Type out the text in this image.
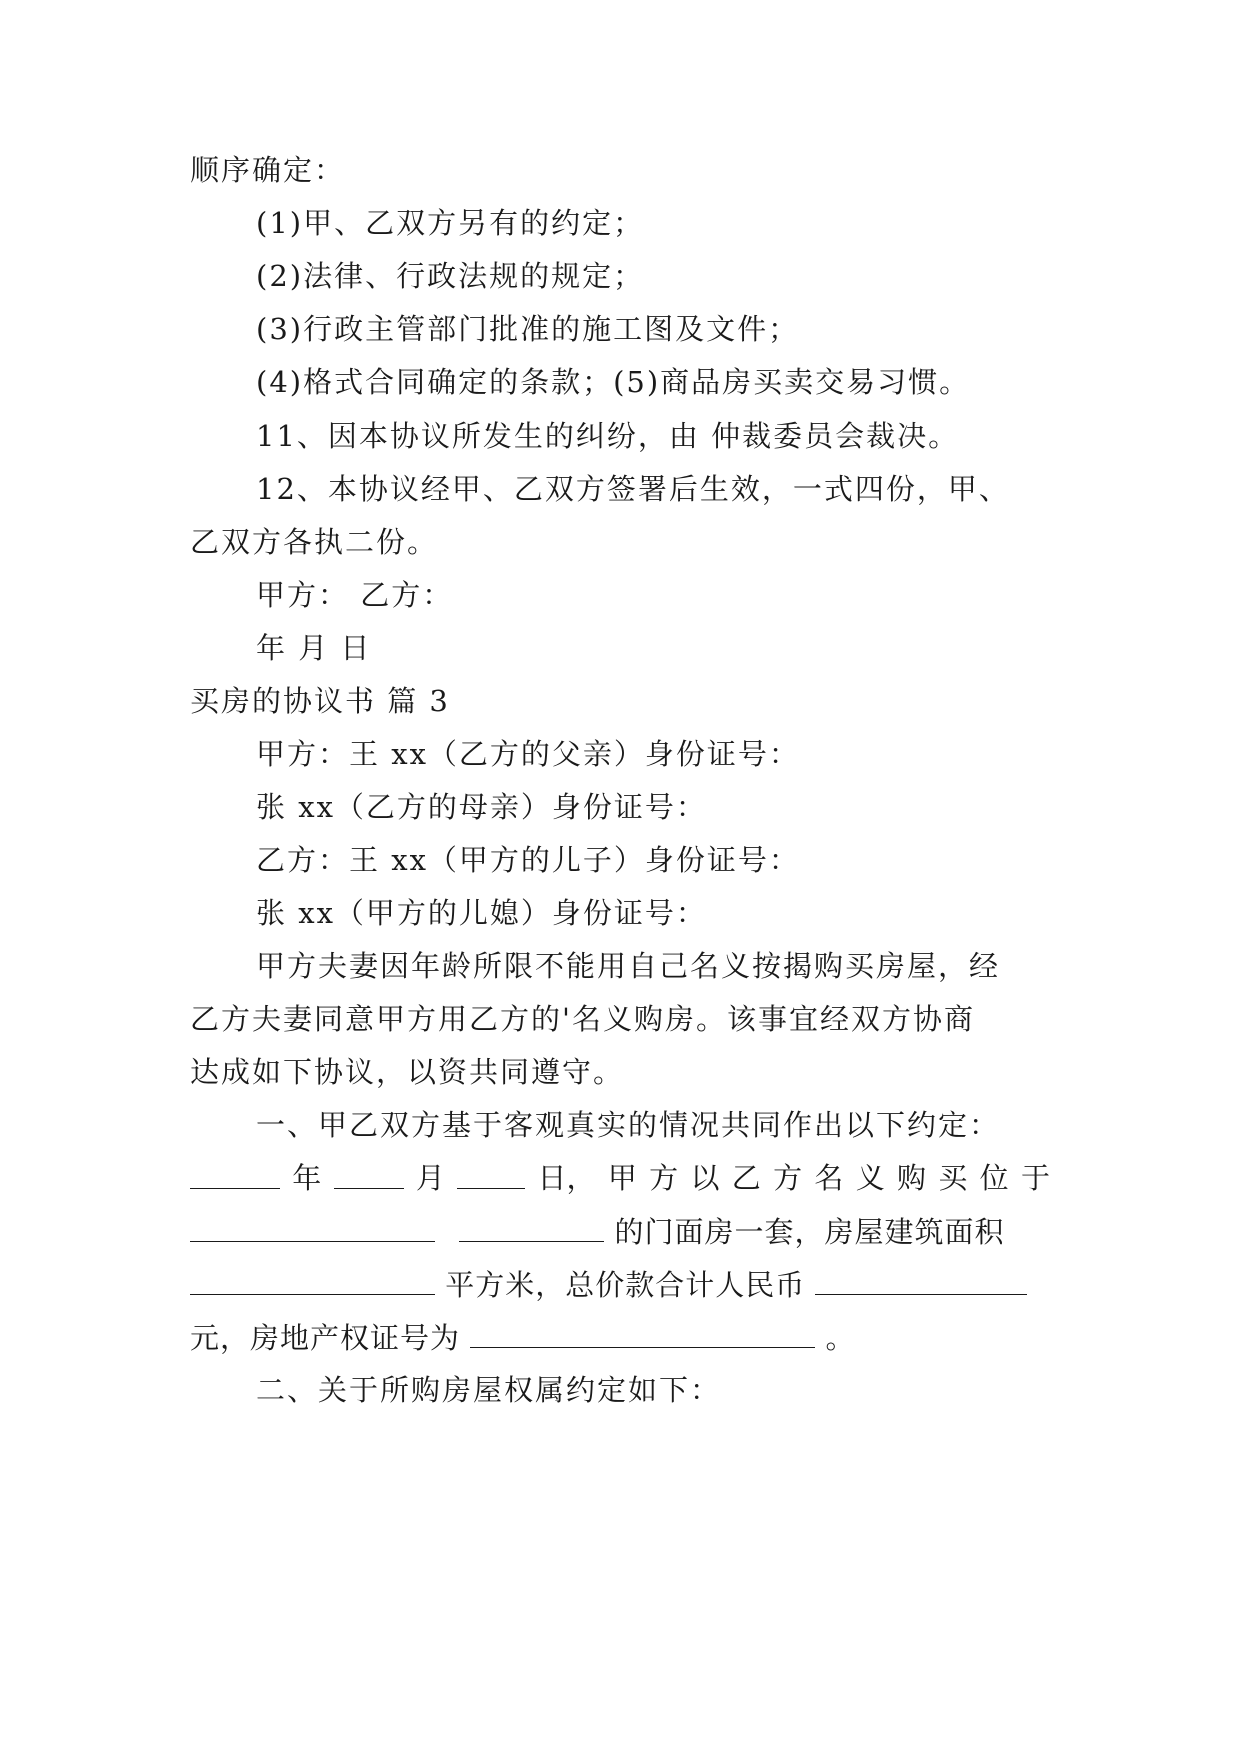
顺序确定：
(1)甲、乙双方另有的约定；
(2)法律、行政法规的规定；
(3)行政主管部门批准的施工图及文件；
(4)格式合同确定的条款；(5)商品房买卖交易习惯。
11、因本协议所发生的纠纷，由 仲裁委员会裁决。
12、本协议经甲、乙双方签署后生效，一式四份，甲、
乙双方各执二份。
甲方： 乙方：
年 月 日
买房的协议书 篇 3
甲方：王 xx（乙方的父亲）身份证号：
张 xx（乙方的母亲）身份证号：
乙方：王 xx（甲方的儿子）身份证号：
张 xx（甲方的儿媳）身份证号：
甲方夫妻因年龄所限不能用自己名义按揭购买房屋，经
乙方夫妻同意甲方用乙方的'名义购房。该事宜经双方协商
达成如下协议，以资共同遵守。
一、甲乙双方基于客观真实的情况共同作出以下约定：
年	月	日， 甲 方 以 乙 方 名 义 购 买 位 于
的门面房一套，房屋建筑面积
平方米，总价款合计人民币
元，房地产权证号为	。
二、关于所购房屋权属约定如下：
